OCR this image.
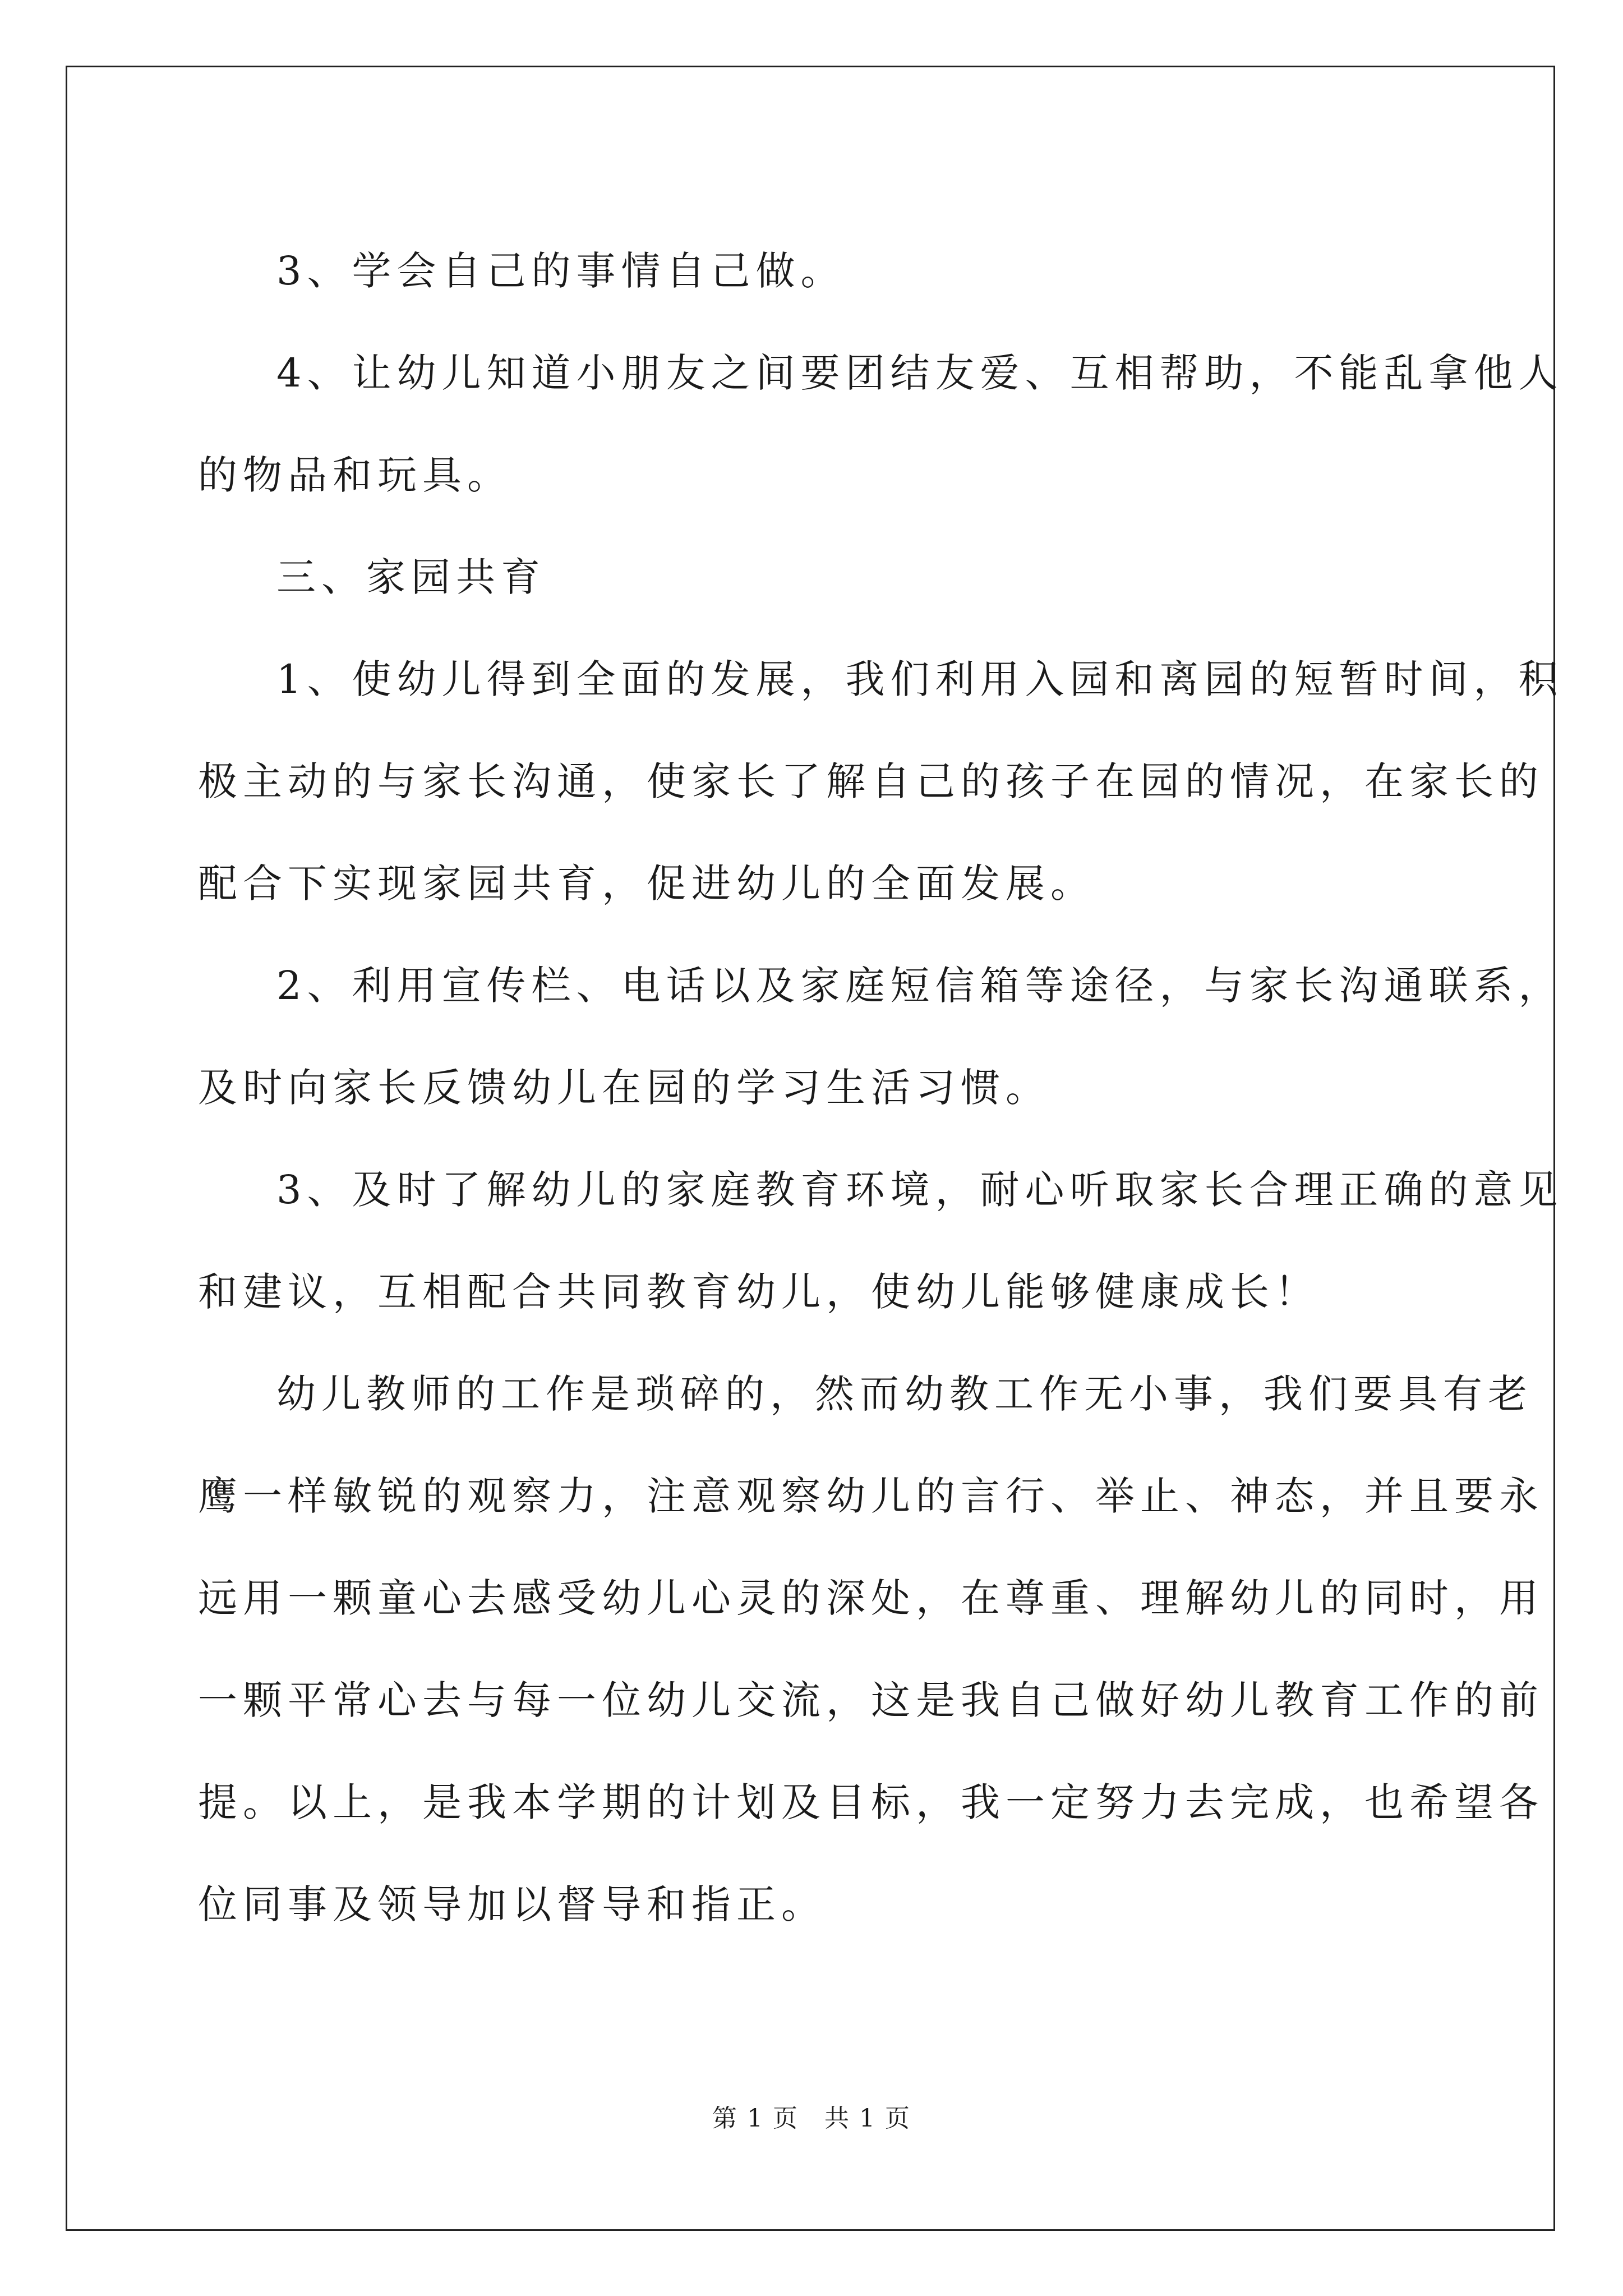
3、学会自己的事情自己做。
4、让幼儿知道小朋友之间要团结友爱、互相帮助，不能乱拿他人
的物品和玩具。
三、家园共育
1、使幼儿得到全面的发展，我们利用入园和离园的短暂时间，积
极主动的与家长沟通，使家长了解自己的孩子在园的情况，在家长的
配合下实现家园共育，促进幼儿的全面发展。
2、利用宣传栏、电话以及家庭短信箱等途径，与家长沟通联系，
及时向家长反馈幼儿在园的学习生活习惯。
3、及时了解幼儿的家庭教育环境，耐心听取家长合理正确的意见
和建议，互相配合共同教育幼儿，使幼儿能够健康成长！
幼儿教师的工作是琐碎的，然而幼教工作无小事，我们要具有老
鹰一样敏锐的观察力，注意观察幼儿的言行、举止、神态，并且要永
远用一颗童心去感受幼儿心灵的深处，在尊重、理解幼儿的同时，用
一颗平常心去与每一位幼儿交流，这是我自己做好幼儿教育工作的前
提。以上，是我本学期的计划及目标，我一定努力去完成，也希望各
位同事及领导加以督导和指正。
第 1 页　共 1 页
